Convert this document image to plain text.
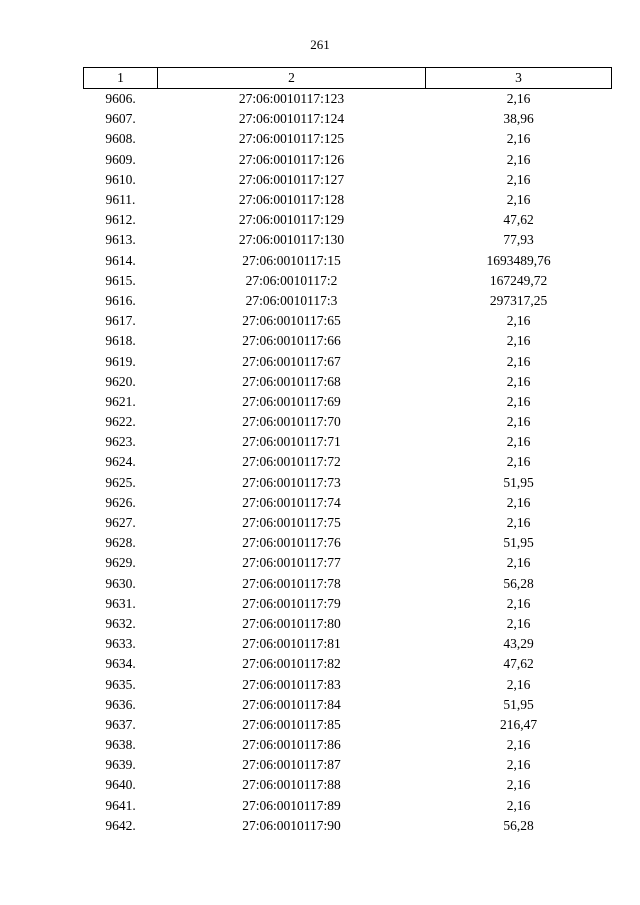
261
1	2	3
9606.	27:06:0010117:123	2,16
9607.	27:06:0010117:124	38,96
9608.	27:06:0010117:125	2,16
9609.	27:06:0010117:126	2,16
9610.	27:06:0010117:127	2,16
9611.	27:06:0010117:128	2,16
9612.	27:06:0010117:129	47,62
9613.	27:06:0010117:130	77,93
9614.	27:06:0010117:15	1693489,76
9615.	27:06:0010117:2	167249,72
9616.	27:06:0010117:3	297317,25
9617.	27:06:0010117:65	2,16
9618.	27:06:0010117:66	2,16
9619.	27:06:0010117:67	2,16
9620.	27:06:0010117:68	2,16
9621.	27:06:0010117:69	2,16
9622.	27:06:0010117:70	2,16
9623.	27:06:0010117:71	2,16
9624.	27:06:0010117:72	2,16
9625.	27:06:0010117:73	51,95
9626.	27:06:0010117:74	2,16
9627.	27:06:0010117:75	2,16
9628.	27:06:0010117:76	51,95
9629.	27:06:0010117:77	2,16
9630.	27:06:0010117:78	56,28
9631.	27:06:0010117:79	2,16
9632.	27:06:0010117:80	2,16
9633.	27:06:0010117:81	43,29
9634.	27:06:0010117:82	47,62
9635.	27:06:0010117:83	2,16
9636.	27:06:0010117:84	51,95
9637.	27:06:0010117:85	216,47
9638.	27:06:0010117:86	2,16
9639.	27:06:0010117:87	2,16
9640.	27:06:0010117:88	2,16
9641.	27:06:0010117:89	2,16
9642.	27:06:0010117:90	56,28
